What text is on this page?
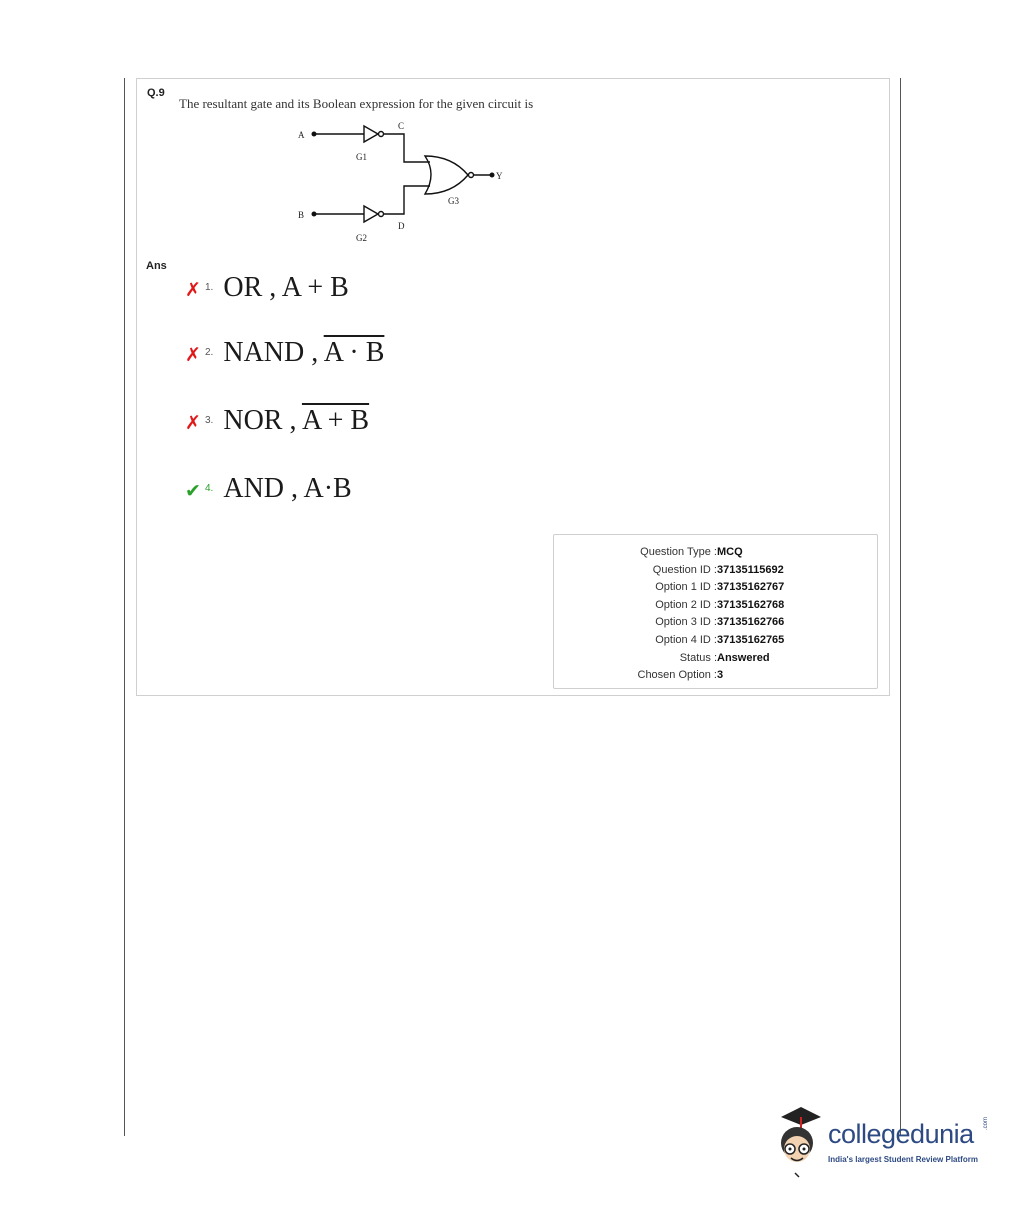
Q.9
The resultant gate and its Boolean expression for the given circuit is
A
B
C
D
Y
G1
G2
G3
Ans
✗ 1. OR , A + B
✗ 2. NAND , A · B
✗ 3. NOR , A + B
✔ 4. AND , A·B
Question Type : MCQ
Question ID : 37135115692
Option 1 ID : 37135162767
Option 2 ID : 37135162768
Option 3 ID : 37135162766
Option 4 ID : 37135162765
Status : Answered
Chosen Option : 3
collegedunia .com
India's largest Student Review Platform
